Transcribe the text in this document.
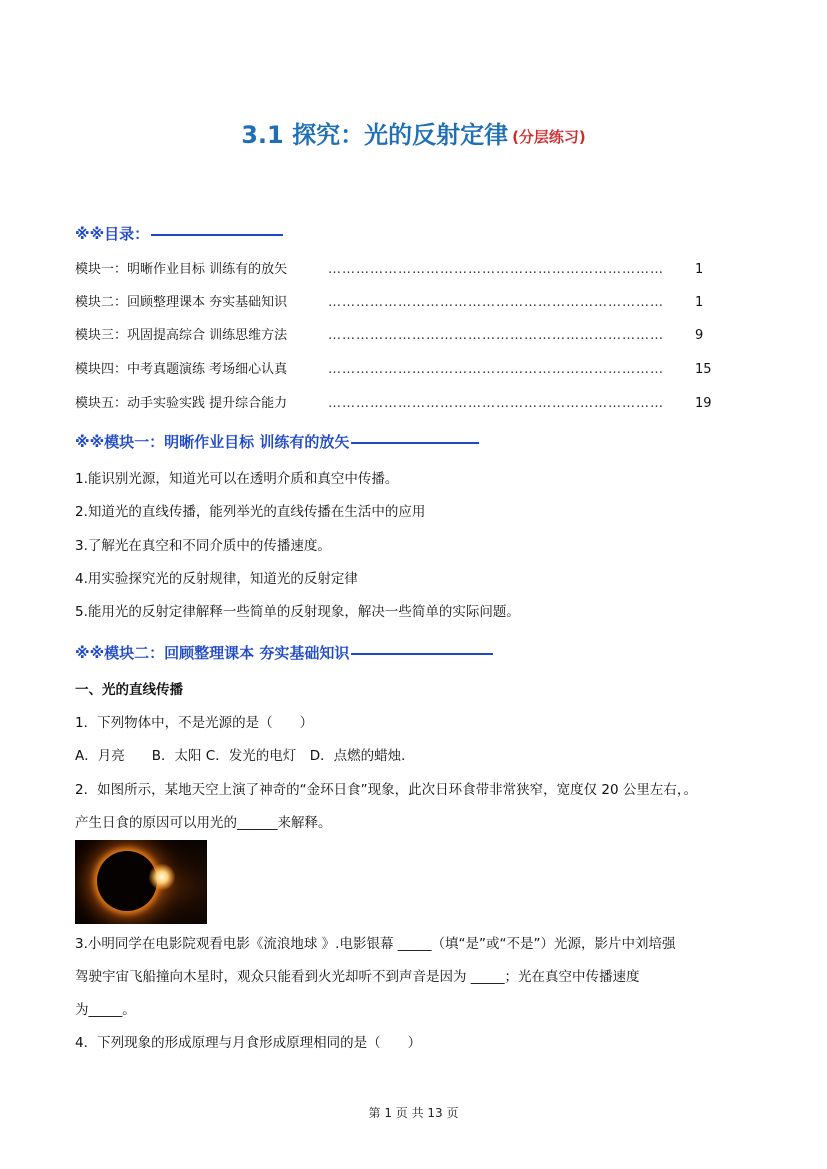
3.1 探究：光的反射定律 (分层练习)
※※目录：
模块一：明晰作业目标 训练有的放矢	………………………………………………………………	1
模块二：回顾整理课本 夯实基础知识	………………………………………………………………	1
模块三：巩固提高综合 训练思维方法	………………………………………………………………	9
模块四：中考真题演练 考场细心认真	………………………………………………………………	15
模块五：动手实验实践 提升综合能力	………………………………………………………………	19
※※模块一：明晰作业目标 训练有的放矢
1.能识别光源，知道光可以在透明介质和真空中传播。
2.知道光的直线传播，能列举光的直线传播在生活中的应用
3.了解光在真空和不同介质中的传播速度。
4.用实验探究光的反射规律，知道光的反射定律
5.能用光的反射定律解释一些简单的反射现象，解决一些简单的实际问题。
※※模块二：回顾整理课本 夯实基础知识
一、光的直线传播
1．下列物体中，不是光源的是（　　）
A．月亮　　B．太阳 C．发光的电灯　D．点燃的蜡烛．
2．如图所示，某地天空上演了神奇的“金环日食”现象，此次日环食带非常狭窄，宽度仅 20 公里左右，。
产生日食的原因可以用光的______来解释。
3.小明同学在电影院观看电影《流浪地球 》.电影银幕 _____（填“是”或“不是”）光源，影片中刘培强
驾驶宇宙飞船撞向木星时，观众只能看到火光却听不到声音是因为 _____；光在真空中传播速度
为_____。
4．下列现象的形成原理与月食形成原理相同的是（　　）
第 1 页 共 13 页
